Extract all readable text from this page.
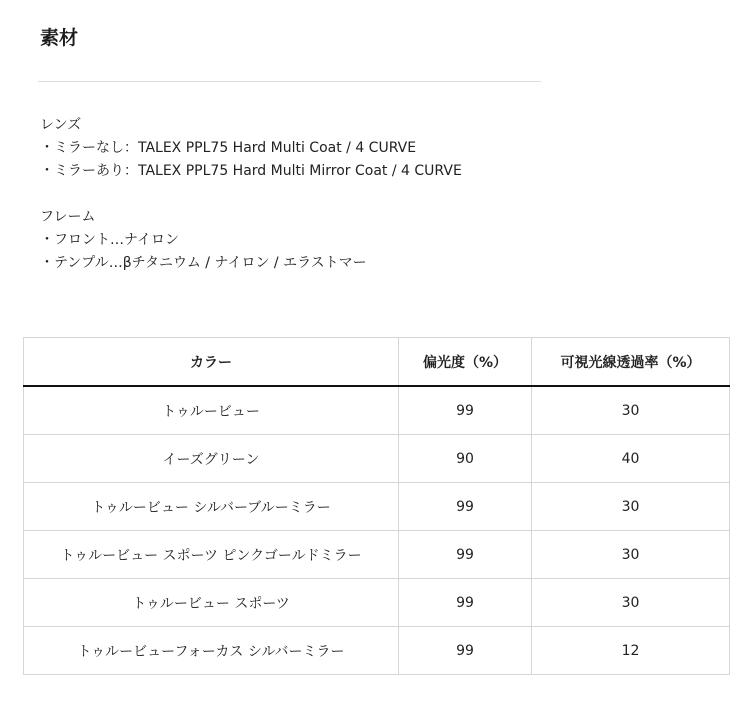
素材
レンズ
・ミラーなし：TALEX PPL75 Hard Multi Coat / 4 CURVE
・ミラーあり：TALEX PPL75 Hard Multi Mirror Coat / 4 CURVE
フレーム
・フロント…ナイロン
・テンプル…βチタニウム / ナイロン / エラストマー
カラー	偏光度（%）	可視光線透過率（%）
トゥルービュー	99	30
イーズグリーン	90	40
トゥルービュー シルバーブルーミラー	99	30
トゥルービュー スポーツ ピンクゴールドミラー	99	30
トゥルービュー スポーツ	99	30
トゥルービューフォーカス シルバーミラー	99	12
